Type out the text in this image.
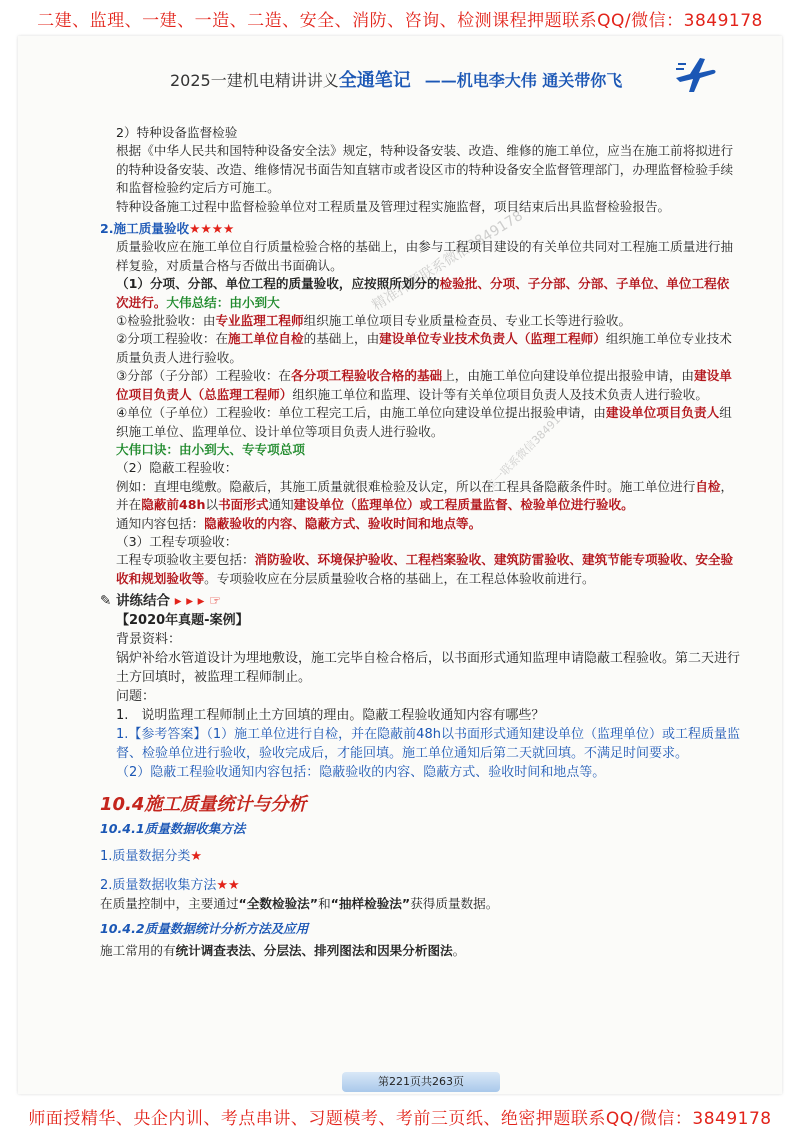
二建、监理、一建、一造、二造、安全、消防、咨询、检测课程押题联系QQ/微信：3849178
2025一建机电精讲讲义全通笔记 ——机电李大伟 通关带你飞
精准押题联系微信3849178
唯一联系微信3849178

2）特种设备监督检验

根据《中华人民共和国特种设备安全法》规定，特种设备安装、改造、维修的施工单位，应当在施工前将拟进行的特种设备安装、改造、维修情况书面告知直辖市或者设区市的特种设备安全监督管理部门，办理监督检验手续和监督检验约定后方可施工。

特种设备施工过程中监督检验单位对工程质量及管理过程实施监督，项目结束后出具监督检验报告。

2.施工质量验收★★★★

质量验收应在施工单位自行质量检验合格的基础上，由参与工程项目建设的有关单位共同对工程施工质量进行抽样复验，对质量合格与否做出书面确认。

（1）分项、分部、单位工程的质量验收，应按照所划分的检验批、分项、子分部、分部、子单位、单位工程依次进行。大伟总结：由小到大

①检验批验收：由专业监理工程师组织施工单位项目专业质量检查员、专业工长等进行验收。

②分项工程验收：在施工单位自检的基础上，由建设单位专业技术负责人（监理工程师）组织施工单位专业技术质量负责人进行验收。

③分部（子分部）工程验收：在各分项工程验收合格的基础上，由施工单位向建设单位提出报验申请，由建设单位项目负责人（总监理工程师）组织施工单位和监理、设计等有关单位项目负责人及技术负责人进行验收。

④单位（子单位）工程验收：单位工程完工后，由施工单位向建设单位提出报验申请，由建设单位项目负责人组织施工单位、监理单位、设计单位等项目负责人进行验收。

大伟口诀：由小到大、专专项总项

（2）隐蔽工程验收：

例如：直埋电缆敷。隐蔽后，其施工质量就很难检验及认定，所以在工程具备隐蔽条件时。施工单位进行自检，并在隐蔽前48h以书面形式通知建设单位（监理单位）或工程质量监督、检验单位进行验收。

通知内容包括：隐蔽验收的内容、隐蔽方式、验收时间和地点等。

（3）工程专项验收：

工程专项验收主要包括：消防验收、环境保护验收、工程档案验收、建筑防雷验收、建筑节能专项验收、安全验收和规划验收等。专项验收应在分层质量验收合格的基础上，在工程总体验收前进行。

✎ 讲练结合 ▸ ▸ ▸ ☞

【2020年真题-案例】

背景资料：

锅炉补给水管道设计为埋地敷设，施工完毕自检合格后，以书面形式通知监理申请隐蔽工程验收。第二天进行土方回填时，被监理工程师制止。

问题：

1.　说明监理工程师制止土方回填的理由。隐蔽工程验收通知内容有哪些？

1.【参考答案】（1）施工单位进行自检，并在隐蔽前48h以书面形式通知建设单位（监理单位）或工程质量监督、检验单位进行验收，验收完成后，才能回填。施工单位通知后第二天就回填。不满足时间要求。

（2）隐蔽工程验收通知内容包括：隐蔽验收的内容、隐蔽方式、验收时间和地点等。

10.4施工质量统计与分析

10.4.1质量数据收集方法

1.质量数据分类★

2.质量数据收集方法★★

在质量控制中，主要通过“全数检验法”和“抽样检验法”获得质量数据。

10.4.2质量数据统计分析方法及应用

施工常用的有统计调查表法、分层法、排列图法和因果分析图法。

第221页共263页
师面授精华、央企内训、考点串讲、习题模考、考前三页纸、绝密押题联系QQ/微信：3849178
